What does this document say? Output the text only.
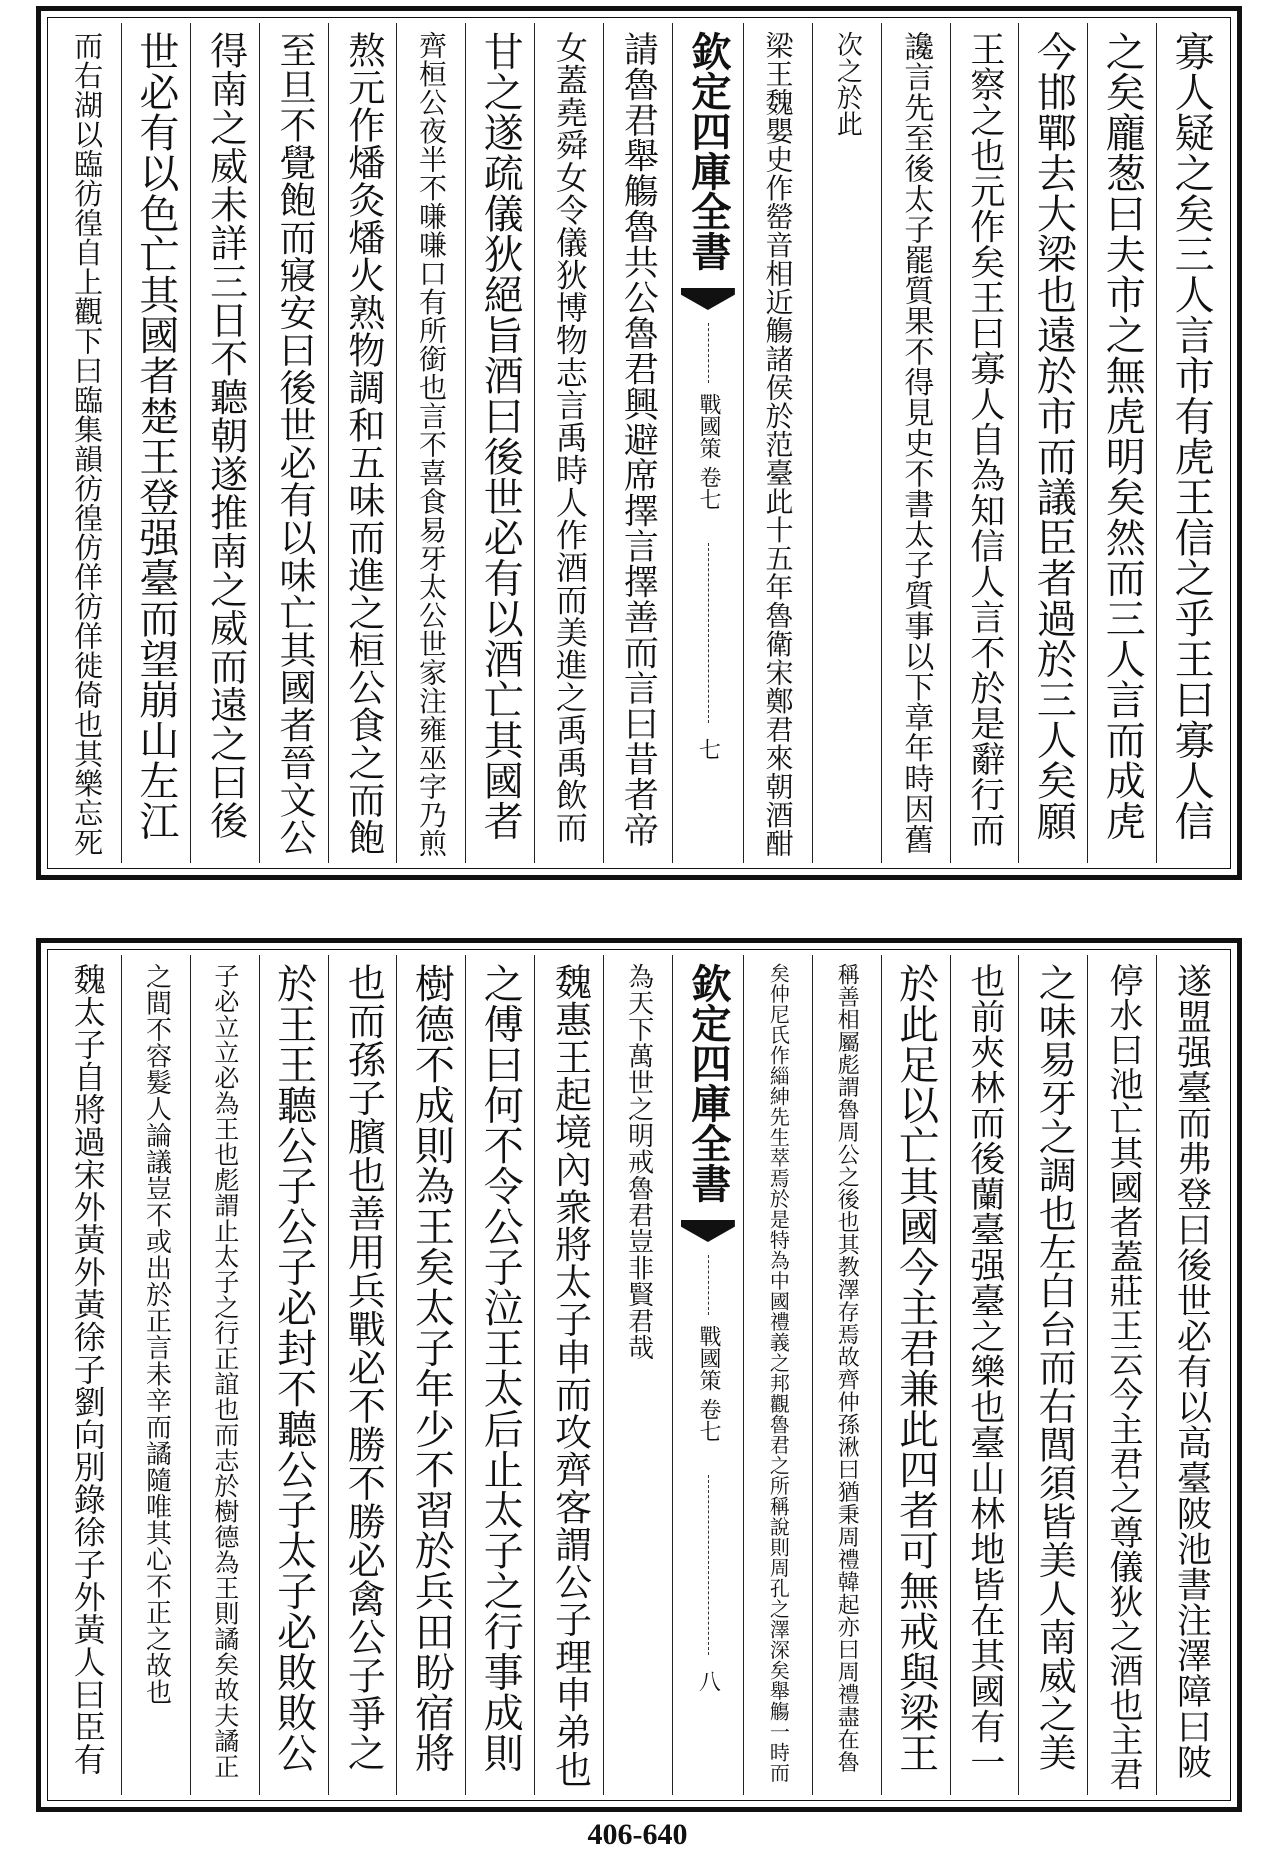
寡人疑之矣三人言市有虎王信之乎王曰寡人信
之矣龐葱曰夫市之無虎明矣然而三人言而成虎
今邯鄲去大梁也遠於市而議臣者過於三人矣願
王察之也元作矣王曰寡人自為知信人言不於是辭行而
讒言先至後太子罷質果不得見史不書太子質事以下章年時因舊
次之於此
梁王魏嬰史作罃音相近觴諸侯於范臺此十五年魯衛宋鄭君來朝酒酣
欽定四庫全書
戰國策 卷七
七
請魯君舉觴魯共公魯君興避席擇言擇善而言曰昔者帝
女蓋堯舜女令儀狄博物志言禹時人作酒而美進之禹禹飲而
甘之遂疏儀狄絕旨酒曰後世必有以酒亡其國者
齊桓公夜半不嗛嗛口有所銜也言不喜食易牙太公世家注雍巫字乃煎
熬元作燔灸燔火熟物調和五味而進之桓公食之而飽
至旦不覺飽而寢安曰後世必有以味亡其國者晉文公
得南之威未詳三日不聽朝遂推南之威而遠之曰後
世必有以色亡其國者楚王登强臺而望崩山左江
而右湖以臨彷徨自上觀下曰臨集韻彷徨仿佯彷佯徙倚也其樂忘死
遂盟强臺而弗登曰後世必有以高臺陂池書注澤障曰陂
停水曰池亡其國者蓋莊王云今主君之尊儀狄之酒也主君
之味易牙之調也左白台而右閭須皆美人南威之美
也前夾林而後蘭臺强臺之樂也臺山林地皆在其國有一
於此足以亡其國今主君兼此四者可無戒與梁王
稱善相屬彪謂魯周公之後也其教澤存焉故齊仲孫湫曰猶秉周禮韓起亦曰周禮盡在魯
矣仲尼氏作緇紳先生萃焉於是特為中國禮義之邦觀魯君之所稱說則周孔之澤深矣舉觴一時而
欽定四庫全書
戰國策 卷七
八
為天下萬世之明戒魯君豈非賢君哉
魏惠王起境內衆將太子申而攻齊客謂公子理申弟也
之傅曰何不令公子泣王太后止太子之行事成則
樹德不成則為王矣太子年少不習於兵田盼宿將
也而孫子臏也善用兵戰必不勝不勝必禽公子爭之
於王王聽公子公子必封不聽公子太子必敗敗公
子必立立必為王也彪謂止太子之行正誼也而志於樹德為王則譎矣故夫譎正
之間不容髮人論議豈不或出於正言未辛而譎隨唯其心不正之故也
魏太子自將過宋外黃外黃徐子劉向別錄徐子外黃人曰臣有
406-640
